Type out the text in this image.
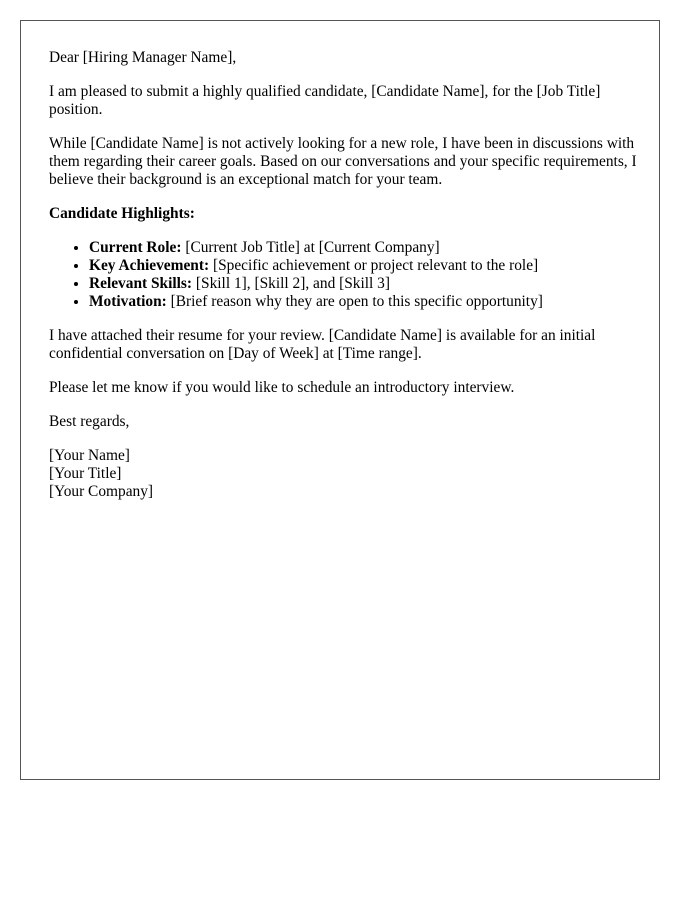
Dear [Hiring Manager Name],

I am pleased to submit a highly qualified candidate, [Candidate Name], for the [Job Title] position.

While [Candidate Name] is not actively looking for a new role, I have been in discussions with them regarding their career goals. Based on our conversations and your specific requirements, I believe their background is an exceptional match for your team.

Candidate Highlights:

• Current Role: [Current Job Title] at [Current Company]
• Key Achievement: [Specific achievement or project relevant to the role]
• Relevant Skills: [Skill 1], [Skill 2], and [Skill 3]
• Motivation: [Brief reason why they are open to this specific opportunity]

I have attached their resume for your review. [Candidate Name] is available for an initial confidential conversation on [Day of Week] at [Time range].

Please let me know if you would like to schedule an introductory interview.

Best regards,

[Your Name]
[Your Title]
[Your Company]
